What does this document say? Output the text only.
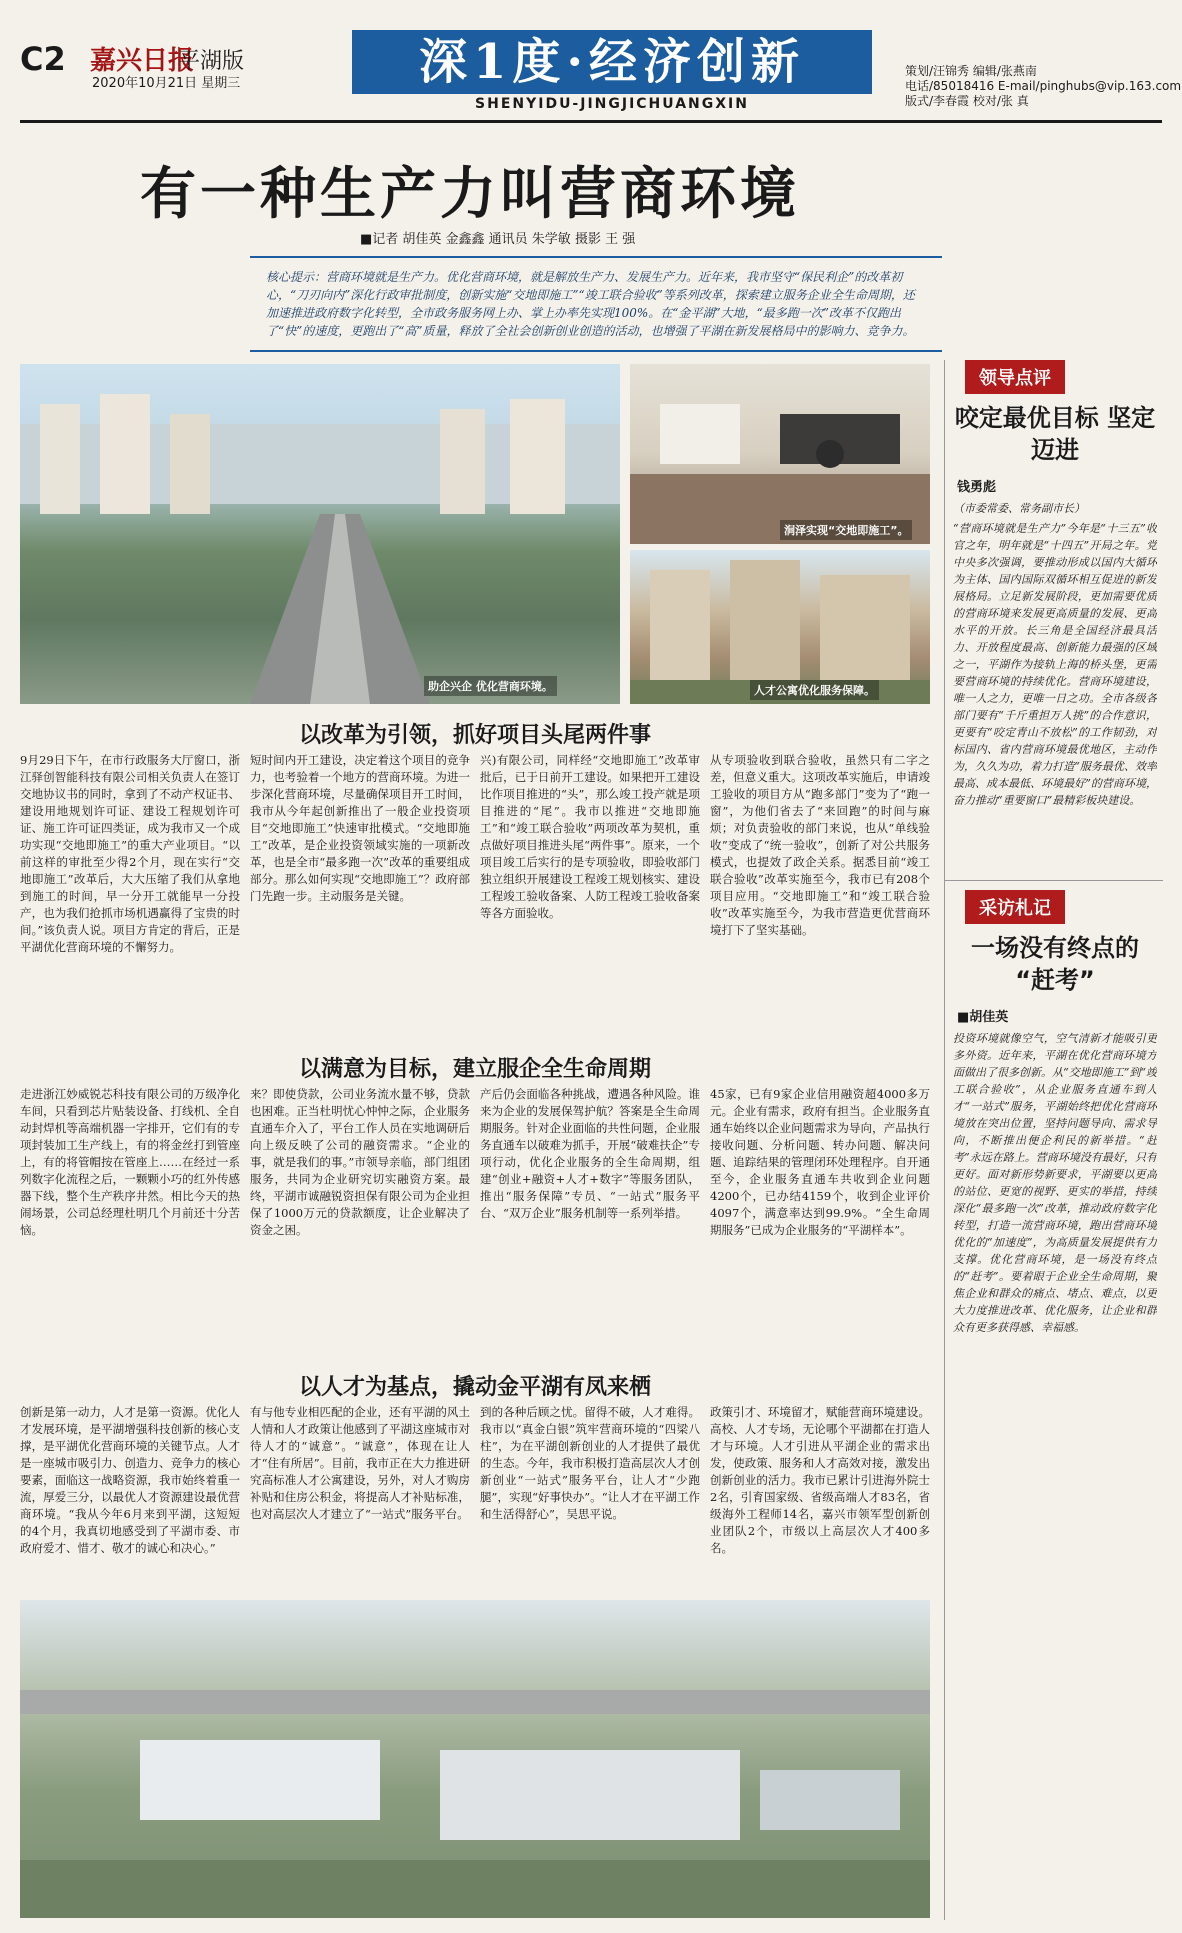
C2 嘉兴日报
平湖版
2020年10月21日 星期三	深1度·经济创新
SHENYIDU-JINGJICHUANGXIN
策划/汪锦秀 编辑/张燕南
电话/85018416 E-mail/pinghubs@vip.163.com
版式/李春霞 校对/张 真
有一种生产力叫营商环境
■记者 胡佳英 金鑫鑫 通讯员 朱学敏 摄影 王 强
核心提示：营商环境就是生产力。优化营商环境，就是解放生产力、发展生产力。近年来，我市坚守“保民利企”的改革初心，“刀刃向内”深化行政审批制度，创新实施“交地即施工”“竣工联合验收”等系列改革，探索建立服务企业全生命周期，还加速推进政府数字化转型，全市政务服务网上办、掌上办率先实现100%。在“金平湖”大地，“最多跑一次”改革不仅跑出了“快”的速度，更跑出了“高”质量，释放了全社会创新创业创造的活动，也增强了平湖在新发展格局中的影响力、竞争力。
助企兴企 优化营商环境。
涧泽实现“交地即施工”。
人才公寓优化服务保障。
以改革为引领，抓好项目头尾两件事
9月29日下午，在市行政服务大厅窗口，浙江驿创智能科技有限公司相关负责人在签订交地协议书的同时，拿到了不动产权证书、建设用地规划许可证、建设工程规划许可证、施工许可证四类证，成为我市又一个成功实现“交地即施工”的重大产业项目。“以前这样的审批至少得2个月，现在实行“交地即施工”改革后，大大压缩了我们从拿地到施工的时间，早一分开工就能早一分投产，也为我们抢抓市场机遇赢得了宝贵的时间。”该负责人说。项目方肯定的背后，正是平湖优化营商环境的不懈努力。
短时间内开工建设，决定着这个项目的竞争力，也考验着一个地方的营商环境。为进一步深化营商环境，尽量确保项目开工时间，我市从今年起创新推出了一般企业投资项目“交地即施工”快速审批模式。“交地即施工”改革，是企业投资领域实施的一项新改革，也是全市“最多跑一次”改革的重要组成部分。那么如何实现“交地即施工”？政府部门先跑一步。主动服务是关键。
兴)有限公司，同样经“交地即施工”改革审批后，已于日前开工建设。如果把开工建设比作项目推进的“头”，那么竣工投产就是项目推进的“尾”。我市以推进“交地即施工”和“竣工联合验收”两项改革为契机，重点做好项目推进头尾“两件事”。原来，一个项目竣工后实行的是专项验收，即验收部门独立组织开展建设工程竣工规划核实、建设工程竣工验收备案、人防工程竣工验收备案等各方面验收。
从专项验收到联合验收，虽然只有二字之差，但意义重大。这项改革实施后，申请竣工验收的项目方从“跑多部门”变为了“跑一窗”，为他们省去了“来回跑”的时间与麻烦；对负责验收的部门来说，也从“单线验收”变成了“统一验收”，创新了对公共服务模式，也提效了政企关系。据悉目前“竣工联合验收”改革实施至今，我市已有208个项目应用。“交地即施工”和“竣工联合验收”改革实施至今，为我市营造更优营商环境打下了坚实基础。
以满意为目标，建立服企全生命周期
走进浙江妙威锐芯科技有限公司的万级净化车间，只看到芯片贴装设备、打线机、全自动封焊机等高端机器一字排开，它们有的专项封装加工生产线上，有的将金丝打到管座上，有的将管帽按在管座上……在经过一系列数字化流程之后，一颗颗小巧的红外传感器下线，整个生产秩序井然。相比今天的热闹场景，公司总经理杜明几个月前还十分苦恼。
来？即使贷款，公司业务流水量不够，贷款也困难。正当杜明忧心忡忡之际，企业服务直通车介入了，平台工作人员在实地调研后向上级反映了公司的融资需求。“企业的事，就是我们的事。”市领导亲临，部门组团服务，共同为企业研究切实融资方案。最终，平湖市诚融锐资担保有限公司为企业担保了1000万元的贷款额度，让企业解决了资金之困。
产后仍会面临各种挑战，遭遇各种风险。谁来为企业的发展保驾护航？答案是全生命周期服务。针对企业面临的共性问题，企业服务直通车以破难为抓手，开展“破难扶企”专项行动，优化企业服务的全生命周期，组建“创业+融资+人才+数字”等服务团队，推出“服务保障”专员、“一站式”服务平台、“双万企业”服务机制等一系列举措。
45家，已有9家企业信用融资超4000多万元。企业有需求，政府有担当。企业服务直通车始终以企业问题需求为导向，产品执行接收问题、分析问题、转办问题、解决问题、追踪结果的管理闭环处理程序。自开通至今，企业服务直通车共收到企业问题4200个，已办结4159个，收到企业评价4097个，满意率达到99.9%。“全生命周期服务”已成为企业服务的“平湖样本”。
以人才为基点，撬动金平湖有凤来栖
创新是第一动力，人才是第一资源。优化人才发展环境，是平湖增强科技创新的核心支撑，是平湖优化营商环境的关键节点。人才是一座城市吸引力、创造力、竞争力的核心要素，面临这一战略资源，我市始终着重一流，厚爱三分，以最优人才资源建设最优营商环境。“我从今年6月来到平湖，这短短的4个月，我真切地感受到了平湖市委、市政府爱才、惜才、敬才的诚心和决心。”
有与他专业相匹配的企业，还有平湖的风土人情和人才政策让他感到了平湖这座城市对待人才的“诚意”。“诚意”，体现在让人才“住有所居”。目前，我市正在大力推进研究高标准人才公寓建设，另外，对人才购房补贴和住房公积金，将提高人才补贴标准，也对高层次人才建立了“一站式”服务平台。
到的各种后顾之忧。留得不破，人才难得。我市以“真金白银”筑牢营商环境的“四梁八柱”，为在平湖创新创业的人才提供了最优的生态。今年，我市积极打造高层次人才创新创业“一站式”服务平台，让人才“少跑腿”，实现“好事快办”。“让人才在平湖工作和生活得舒心”，吴思平说。
政策引才、环境留才，赋能营商环境建设。高校、人才专场，无论哪个平湖都在打造人才与环境。人才引进从平湖企业的需求出发，使政策、服务和人才高效对接，激发出创新创业的活力。我市已累计引进海外院士2名，引育国家级、省级高端人才83名，省级海外工程师14名，嘉兴市领军型创新创业团队2个，市级以上高层次人才400多名。
领导点评
咬定最优目标 坚定迈进
钱勇彪
（市委常委、常务副市长）
“营商环境就是生产力”今年是“十三五”收官之年，明年就是“十四五”开局之年。党中央多次强调，要推动形成以国内大循环为主体、国内国际双循环相互促进的新发展格局。立足新发展阶段，更加需要优质的营商环境来发展更高质量的发展、更高水平的开放。长三角是全国经济最具活力、开放程度最高、创新能力最强的区域之一，平湖作为接轨上海的桥头堡，更需要营商环境的持续优化。营商环境建设，唯一人之力，更唯一日之功。全市各级各部门要有“千斤重担万人挑”的合作意识，更要有“咬定青山不放松”的工作韧劲，对标国内、省内营商环境最优地区，主动作为，久久为功，着力打造“服务最优、效率最高、成本最低、环境最好”的营商环境，奋力推动“重要窗口”最精彩板块建设。
采访札记
一场没有终点的 “赶考”
■胡佳英
投资环境就像空气，空气清新才能吸引更多外资。近年来，平湖在优化营商环境方面做出了很多创新。从“交地即施工”到“竣工联合验收”，从企业服务直通车到人才“一站式”服务，平湖始终把优化营商环境放在突出位置，坚持问题导向、需求导向，不断推出便企利民的新举措。“赶考”永远在路上。营商环境没有最好，只有更好。面对新形势新要求，平湖要以更高的站位、更宽的视野、更实的举措，持续深化“最多跑一次”改革，推动政府数字化转型，打造一流营商环境，跑出营商环境优化的“加速度”，为高质量发展提供有力支撑。优化营商环境，是一场没有终点的“赶考”。要着眼于企业全生命周期，聚焦企业和群众的痛点、堵点、难点，以更大力度推进改革、优化服务，让企业和群众有更多获得感、幸福感。
